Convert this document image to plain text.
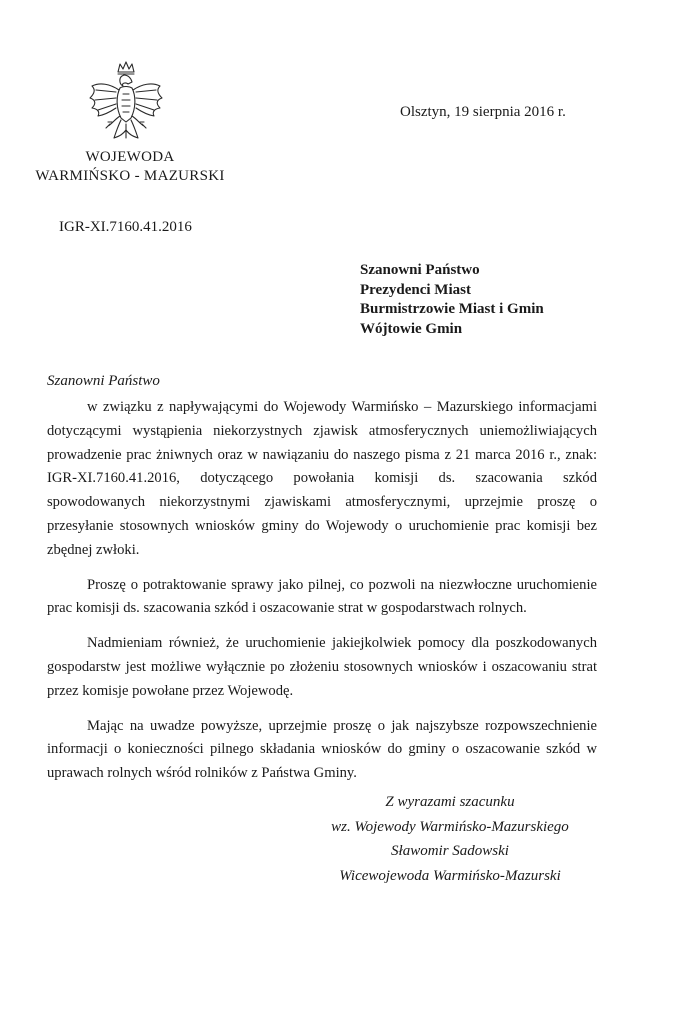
WOJEWODA
WARMIŃSKO - MAZURSKI
Olsztyn, 19 sierpnia 2016 r.
IGR-XI.7160.41.2016
Szanowni Państwo
Prezydenci Miast
Burmistrzowie Miast i Gmin
Wójtowie Gmin
Szanowni Państwo

w związku z napływającymi do Wojewody Warmińsko – Mazurskiego informacjami dotyczącymi wystąpienia niekorzystnych zjawisk atmosferycznych uniemożliwiających prowadzenie prac żniwnych oraz w nawiązaniu do naszego pisma z 21 marca 2016 r., znak: IGR-XI.7160.41.2016, dotyczącego powołania komisji ds. szacowania szkód spowodowanych niekorzystnymi zjawiskami atmosferycznymi, uprzejmie proszę o przesyłanie stosownych wniosków gminy do Wojewody o uruchomienie prac komisji bez zbędnej zwłoki.

Proszę o potraktowanie sprawy jako pilnej, co pozwoli na niezwłoczne uruchomienie prac komisji ds. szacowania szkód i oszacowanie strat w gospodarstwach rolnych.

Nadmieniam również, że uruchomienie jakiejkolwiek pomocy dla poszkodowanych gospodarstw jest możliwe wyłącznie po złożeniu stosownych wniosków i oszacowaniu strat przez komisje powołane przez Wojewodę.

Mając na uwadze powyższe, uprzejmie proszę o jak najszybsze rozpowszechnienie informacji o konieczności pilnego składania wniosków do gminy o oszacowanie szkód w uprawach rolnych wśród rolników z Państwa Gminy.

Z wyrazami szacunku
wz. Wojewody Warmińsko-Mazurskiego
Sławomir Sadowski
Wicewojewoda Warmińsko-Mazurski
